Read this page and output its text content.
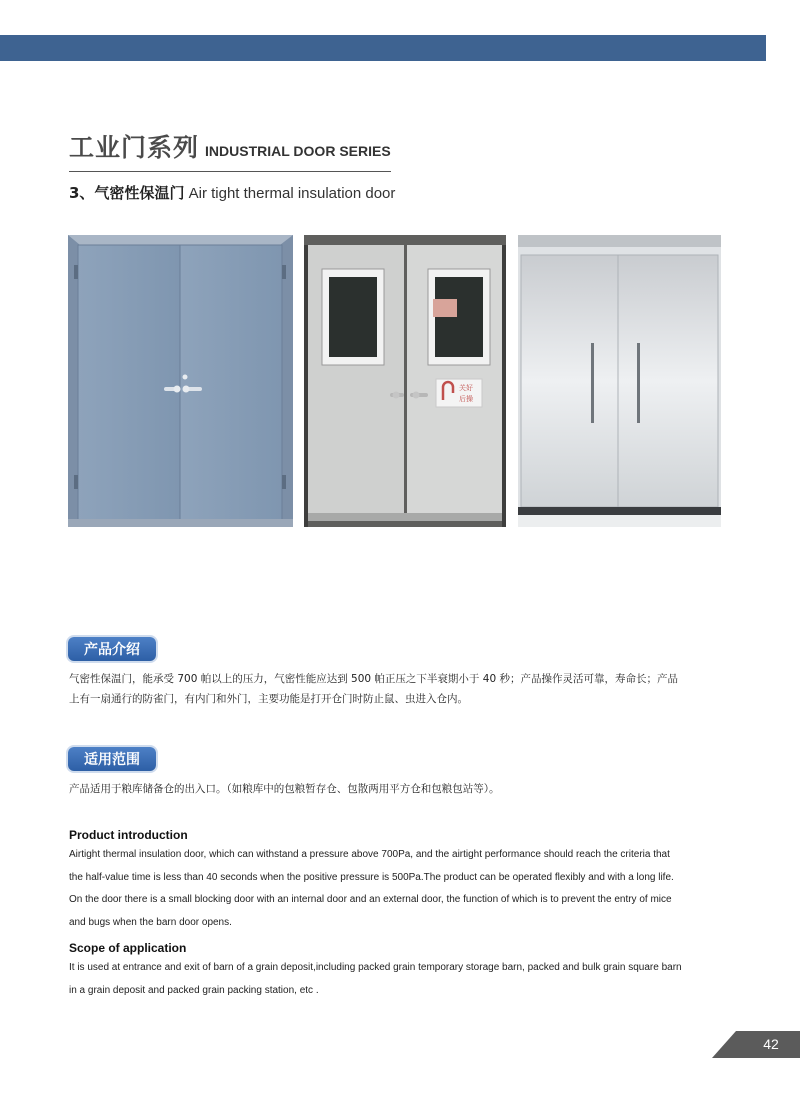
工业门系列 INDUSTRIAL DOOR SERIES
3、气密性保温门 Air tight thermal insulation door
关好
后操
产品介绍
气密性保温门，能承受 700 帕以上的压力，气密性能应达到 500 帕正压之下半衰期小于 40 秒；产品操作灵活可靠，寿命长；产品
上有一扇通行的防雀门，有内门和外门，主要功能是打开仓门时防止鼠、虫进入仓内。
适用范围
产品适用于粮库储备仓的出入口。（如粮库中的包粮暂存仓、包散两用平方仓和包粮包站等）。
Product introduction
Airtight thermal insulation door, which can withstand a pressure above 700Pa, and the airtight performance should reach the criteria that
the half-value time is less than 40 seconds when the positive pressure is 500Pa.The product can be operated flexibly and with a long life.
On the door there is a small blocking door with an internal door and an external door, the function of which is to prevent the entry of mice
and bugs when the barn door opens.
Scope of application
It is used at entrance and exit of barn of a grain deposit,including packed grain temporary storage barn, packed and bulk grain square barn
in a grain deposit and packed grain packing station, etc .
42
